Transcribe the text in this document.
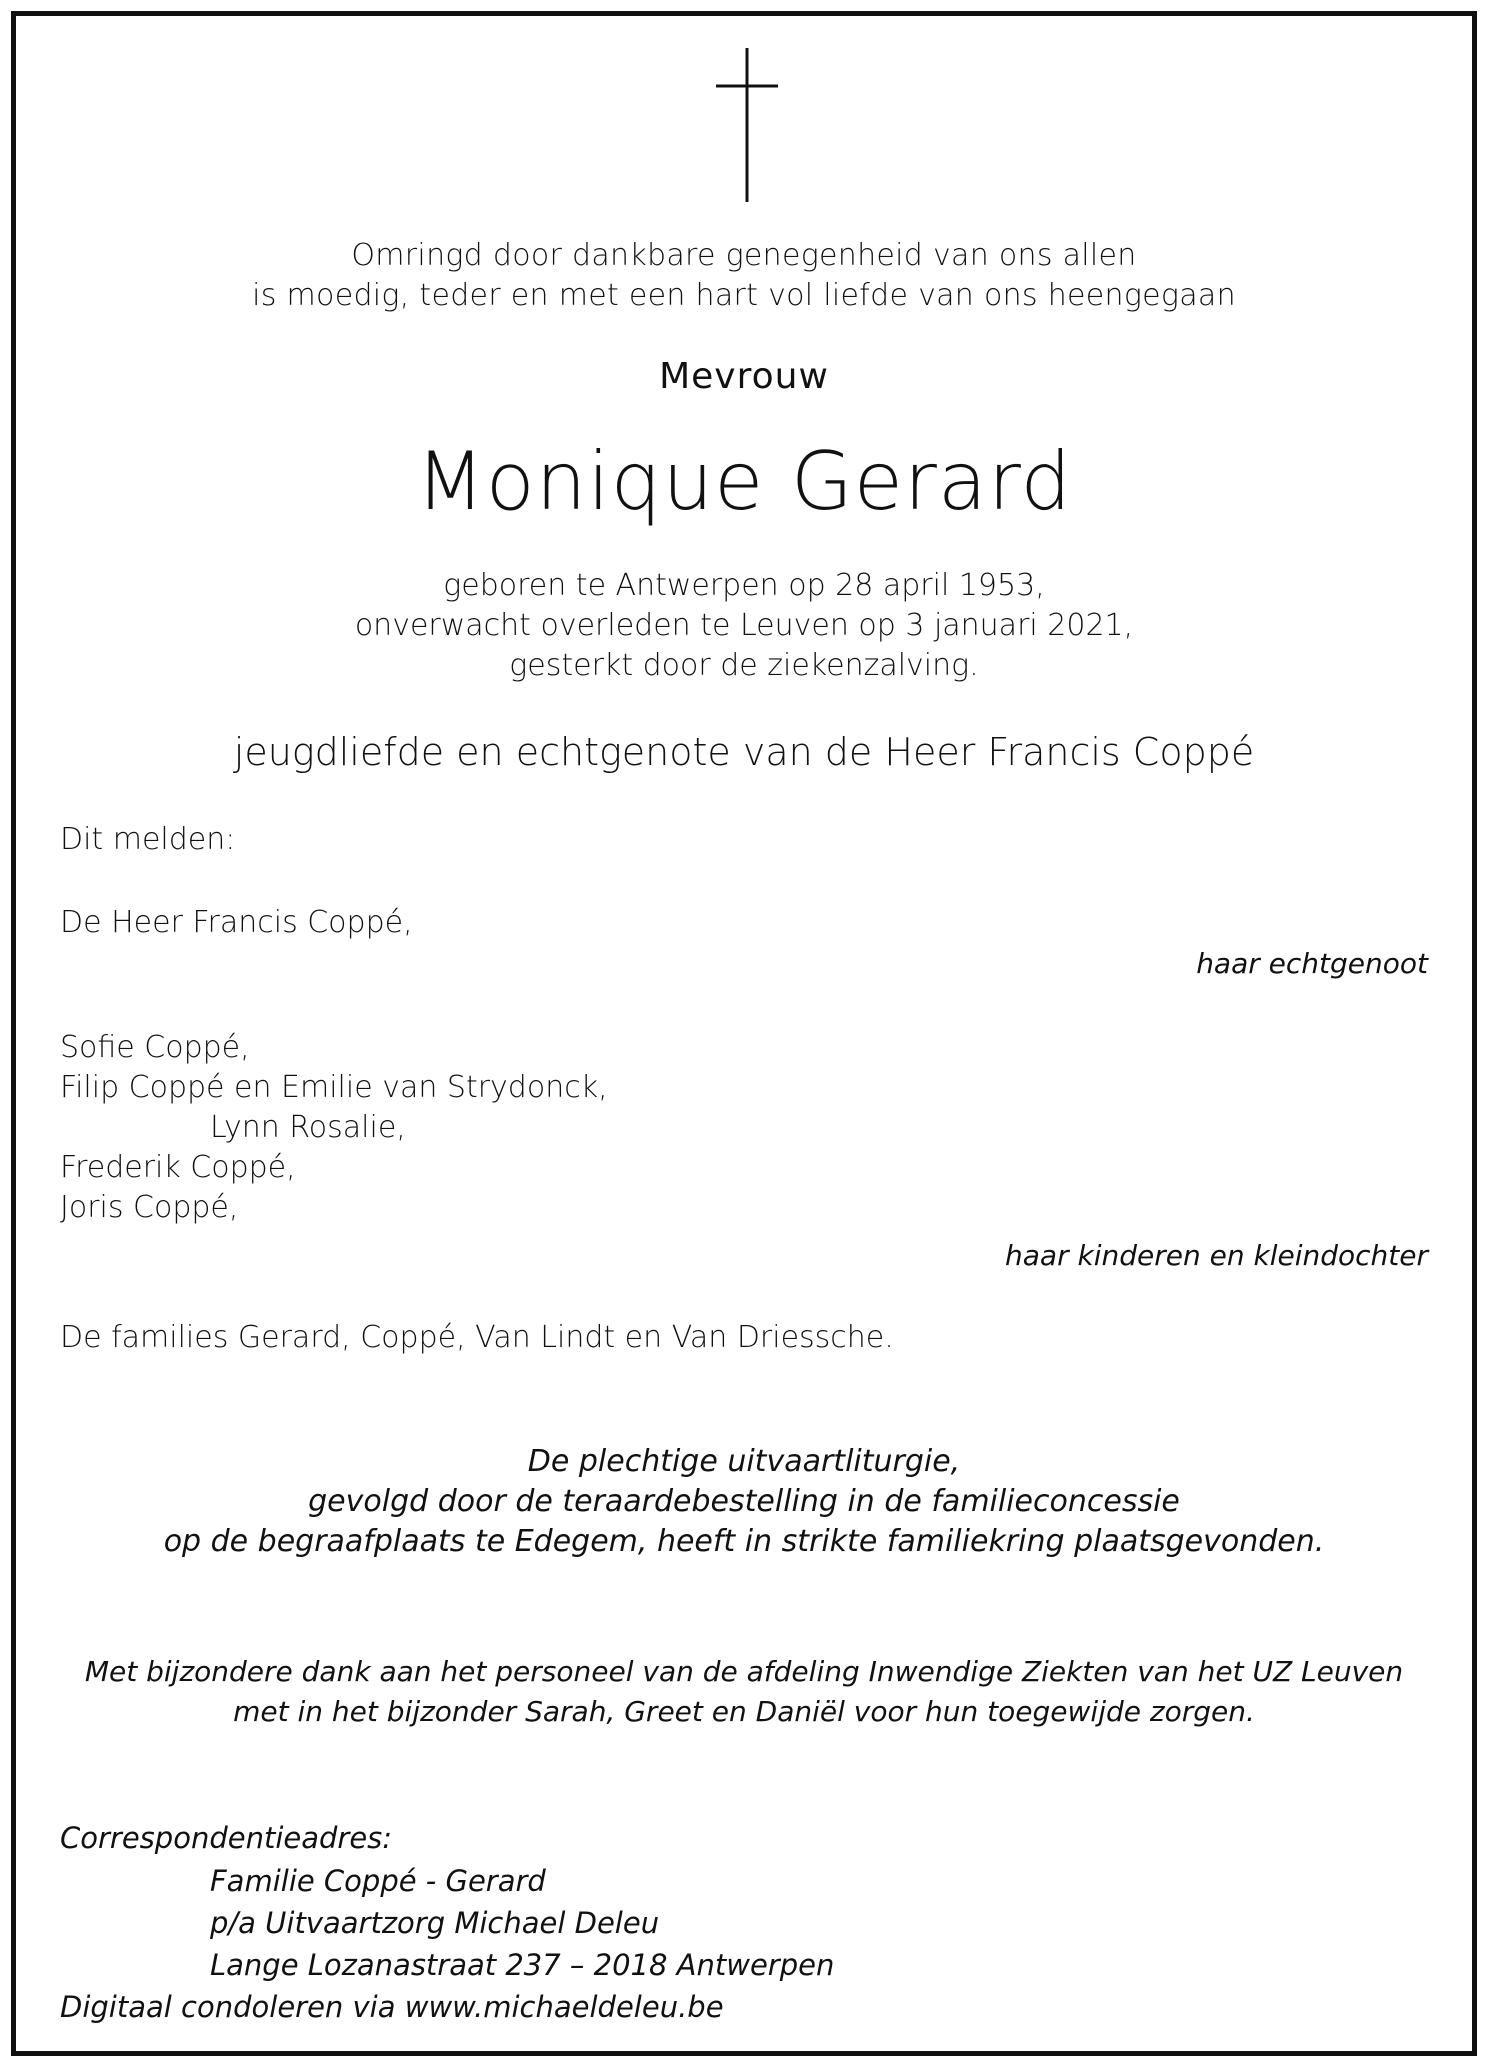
Omringd door dankbare genegenheid van ons allen
is moedig, teder en met een hart vol liefde van ons heengegaan
Mevrouw
Monique Gerard
geboren te Antwerpen op 28 april 1953,
onverwacht overleden te Leuven op 3 januari 2021,
gesterkt door de ziekenzalving.
jeugdliefde en echtgenote van de Heer Francis Coppé
Dit melden:
De Heer Francis Coppé,
haar echtgenoot
Sofie Coppé,
Filip Coppé en Emilie van Strydonck,
Lynn Rosalie,
Frederik Coppé,
Joris Coppé,
haar kinderen en kleindochter
De families Gerard, Coppé, Van Lindt en Van Driessche.
De plechtige uitvaartliturgie,
gevolgd door de teraardebestelling in de familieconcessie
op de begraafplaats te Edegem, heeft in strikte familiekring plaatsgevonden.
Met bijzondere dank aan het personeel van de afdeling Inwendige Ziekten van het UZ Leuven
met in het bijzonder Sarah, Greet en Daniël voor hun toegewijde zorgen.
Correspondentieadres:
Familie Coppé - Gerard
p/a Uitvaartzorg Michael Deleu
Lange Lozanastraat 237 – 2018 Antwerpen
Digitaal condoleren via www.michaeldeleu.be
